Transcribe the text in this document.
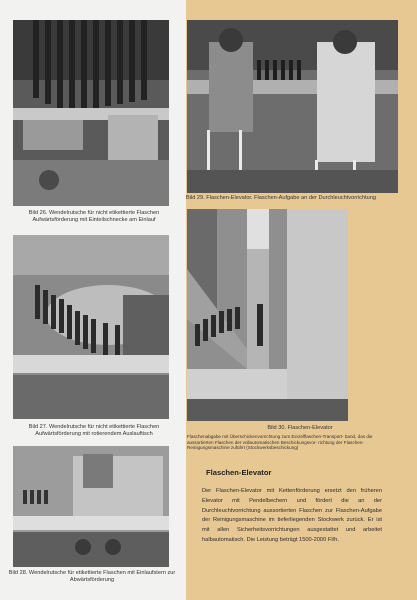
Bild 26. Wendelrutsche für nicht etikettierte Flaschen Aufwärtsförderung mit Einteilschnecke am Einlauf
Bild 27. Wendelrutsche für nicht etikettierte Flaschen Aufwärtsförderung mit rotierendem Auslauftisch
Bild 28. Wendelrutsche für etikettierte Flaschen mit Einlaufstern zur Abwärtsförderung
Bild 29. Flaschen-Elevator. Flaschen-Aufgabe an der Durchleuchtvorrichtung
Bild 30. Flaschen-Elevator
Flaschenabgabe mit Überschickenvorrichtung zum Einzelflaschen-Transport- band, das die aussortierten Flaschen der vollautomatischen Beschickungsvor- richtung der Flaschen-Reinigungsmaschine zuführt (Stockwerksbeschickung)
Flaschen-Elevator
Der Flaschen-Elevator mit Kettenförderung ersetzt den früheren Elevator mit Pendelbechern und fördert die an der Durchleuchtvorrichtung aussortierten Flaschen zur Flaschen-Aufgabe der Reinigungsmaschine im tieferliegenden Stockwerk zurück. Er ist mit allen Sicherheitsvorrichtungen ausgestattet und arbeitet halbautomatisch. Die Leistung beträgt 1500-2000 Fl/h.
